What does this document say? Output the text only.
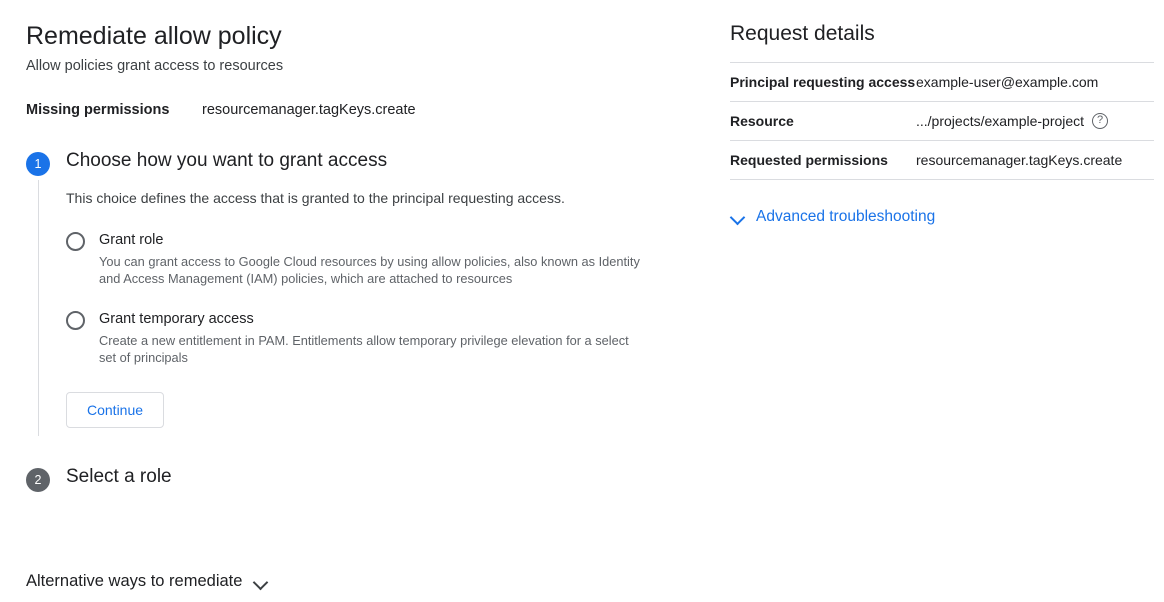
Remediate allow policy
Allow policies grant access to resources
Missing permissions	resourcemanager.tagKeys.create
1	Choose how you want to grant access

This choice defines the access that is granted to the principal requesting access.

Grant role
You can grant access to Google Cloud resources by using allow policies, also known as Identity and Access Management (IAM) policies, which are attached to resources
Grant temporary access
Create a new entitlement in PAM. Entitlements allow temporary privilege elevation for a select set of principals
Continue
2	Select a role
Alternative ways to remediate
Request details
Principal requesting access	example-user@example.com
Resource	.../projects/example-project ?

Requested permissions	resourcemanager.tagKeys.create
Advanced troubleshooting
